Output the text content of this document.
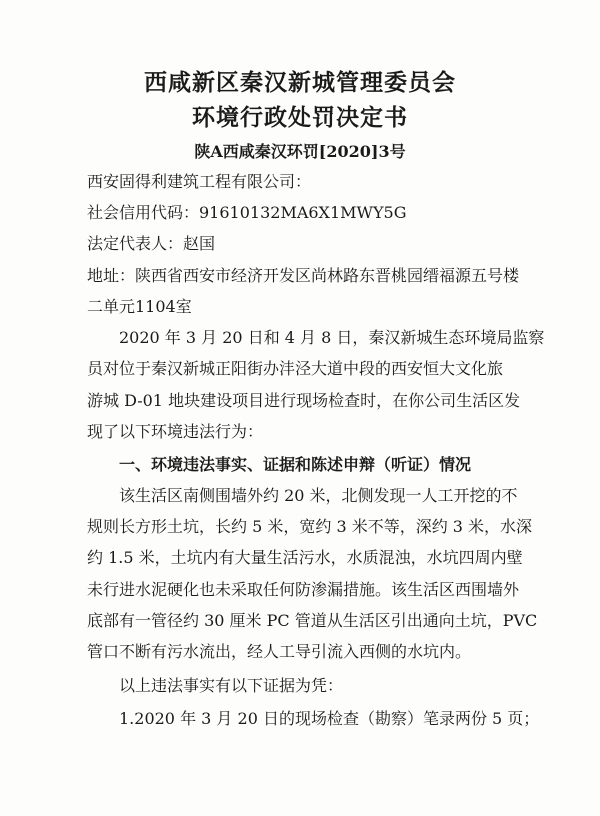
西咸新区秦汉新城管理委员会
环境行政处罚决定书
陕A西咸秦汉环罚[2020]3号

西安固得利建筑工程有限公司：

社会信用代码：91610132MA6X1MWY5G

法定代表人：赵国

地址：陕西省西安市经济开发区尚林路东晋桃园缙福源五号楼

二单元1104室

2020 年 3 月 20 日和 4 月 8 日，秦汉新城生态环境局监察

员对位于秦汉新城正阳街办沣泾大道中段的西安恒大文化旅

游城 D-01 地块建设项目进行现场检查时，在你公司生活区发

现了以下环境违法行为：

一、环境违法事实、证据和陈述申辩（听证）情况

该生活区南侧围墙外约 20 米，北侧发现一人工开挖的不

规则长方形土坑，长约 5 米，宽约 3 米不等，深约 3 米，水深

约 1.5 米，土坑内有大量生活污水，水质混浊，水坑四周内壁

未行进水泥硬化也未采取任何防渗漏措施。该生活区西围墙外

底部有一管径约 30 厘米 PC 管道从生活区引出通向土坑，PVC

管口不断有污水流出，经人工导引流入西侧的水坑内。

以上违法事实有以下证据为凭：

1.2020 年 3 月 20 日的现场检查（勘察）笔录两份 5 页；
